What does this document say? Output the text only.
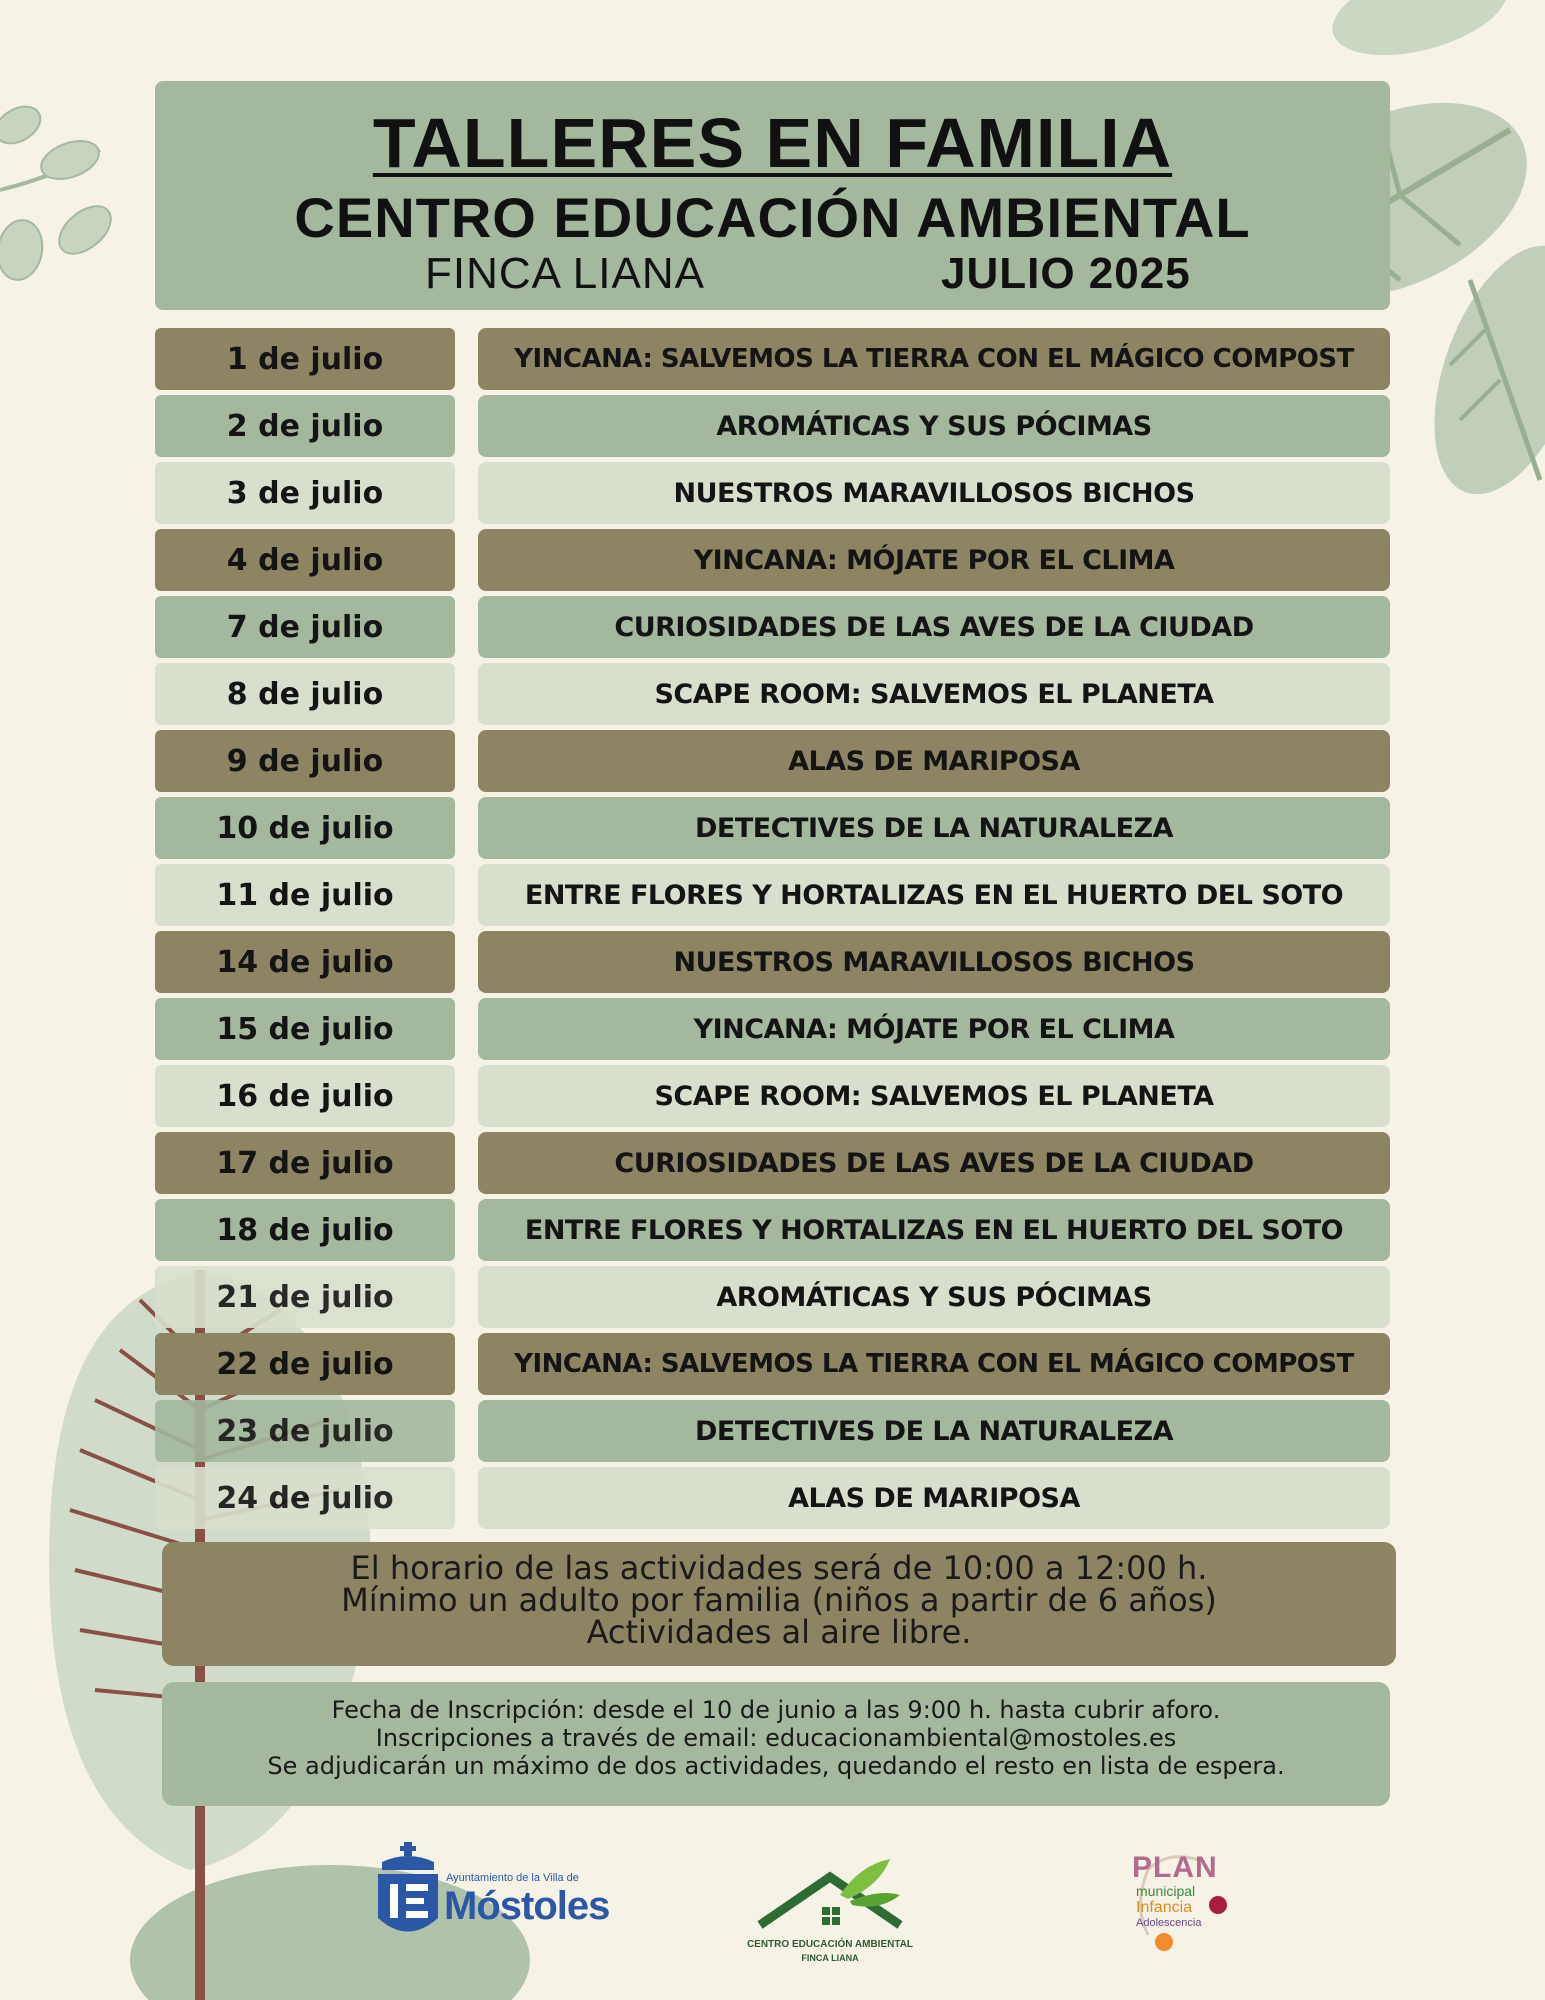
TALLERES EN FAMILIA
CENTRO EDUCACIÓN AMBIENTAL
FINCA LIANA	JULIO 2025
1 de julio	YINCANA: SALVEMOS LA TIERRA CON EL MÁGICO COMPOST
2 de julio	AROMÁTICAS Y SUS PÓCIMAS
3 de julio	NUESTROS MARAVILLOSOS BICHOS
4 de julio	YINCANA: MÓJATE POR EL CLIMA
7 de julio	CURIOSIDADES DE LAS AVES DE LA CIUDAD
8 de julio	SCAPE ROOM: SALVEMOS EL PLANETA
9 de julio	ALAS DE MARIPOSA
10 de julio	DETECTIVES DE LA NATURALEZA
11 de julio	ENTRE FLORES Y HORTALIZAS EN EL HUERTO DEL SOTO
14 de julio	NUESTROS MARAVILLOSOS BICHOS
15 de julio	YINCANA: MÓJATE POR EL CLIMA
16 de julio	SCAPE ROOM: SALVEMOS EL PLANETA
17 de julio	CURIOSIDADES DE LAS AVES DE LA CIUDAD
18 de julio	ENTRE FLORES Y HORTALIZAS EN EL HUERTO DEL SOTO
21 de julio	AROMÁTICAS Y SUS PÓCIMAS
22 de julio	YINCANA: SALVEMOS LA TIERRA CON EL MÁGICO COMPOST
23 de julio	DETECTIVES DE LA NATURALEZA
24 de julio	ALAS DE MARIPOSA
El horario de las actividades será de 10:00 a 12:00 h.
Mínimo un adulto por familia (niños a partir de 6 años)
Actividades al aire libre.
Fecha de Inscripción: desde el 10 de junio a las 9:00 h. hasta cubrir aforo.
Inscripciones a través de email: educacionambiental@mostoles.es
Se adjudicarán un máximo de dos actividades, quedando el resto en lista de espera.
Ayuntamiento de la Villa de
Móstoles
CENTRO EDUCACIÓN AMBIENTAL
FINCA LIANA
PLAN
municipal
Infancia
Adolescencia
